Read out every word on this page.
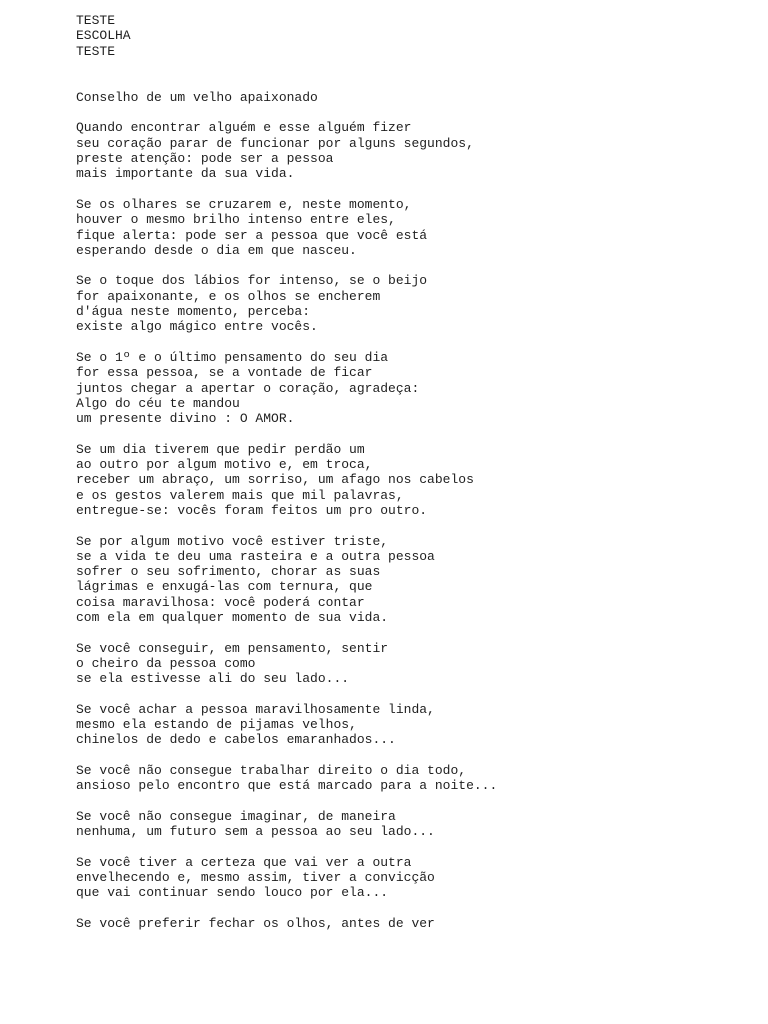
TESTE
ESCOLHA
TESTE
Conselho de um velho apaixonado
Quando encontrar alguém e esse alguém fizer
seu coração parar de funcionar por alguns segundos,
preste atenção: pode ser a pessoa
mais importante da sua vida.
Se os olhares se cruzarem e, neste momento,
houver o mesmo brilho intenso entre eles,
fique alerta: pode ser a pessoa que você está
esperando desde o dia em que nasceu.
Se o toque dos lábios for intenso, se o beijo
for apaixonante, e os olhos se encherem
d'água neste momento, perceba:
existe algo mágico entre vocês.
Se o 1º e o último pensamento do seu dia
for essa pessoa, se a vontade de ficar
juntos chegar a apertar o coração, agradeça:
Algo do céu te mandou
um presente divino : O AMOR.
Se um dia tiverem que pedir perdão um
ao outro por algum motivo e, em troca,
receber um abraço, um sorriso, um afago nos cabelos
e os gestos valerem mais que mil palavras,
entregue-se: vocês foram feitos um pro outro.
Se por algum motivo você estiver triste,
se a vida te deu uma rasteira e a outra pessoa
sofrer o seu sofrimento, chorar as suas
lágrimas e enxugá-las com ternura, que
coisa maravilhosa: você poderá contar
com ela em qualquer momento de sua vida.
Se você conseguir, em pensamento, sentir
o cheiro da pessoa como
se ela estivesse ali do seu lado...
Se você achar a pessoa maravilhosamente linda,
mesmo ela estando de pijamas velhos,
chinelos de dedo e cabelos emaranhados...
Se você não consegue trabalhar direito o dia todo,
ansioso pelo encontro que está marcado para a noite...
Se você não consegue imaginar, de maneira
nenhuma, um futuro sem a pessoa ao seu lado...
Se você tiver a certeza que vai ver a outra
envelhecendo e, mesmo assim, tiver a convicção
que vai continuar sendo louco por ela...
Se você preferir fechar os olhos, antes de ver
